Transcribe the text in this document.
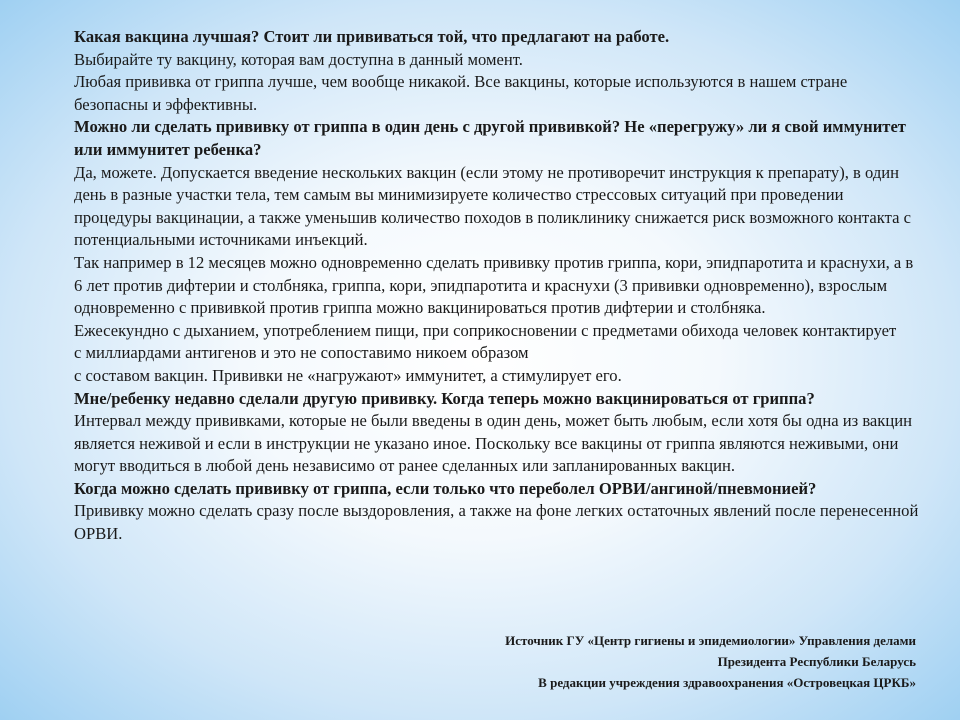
Какая вакцина лучшая? Стоит ли прививаться той, что предлагают на работе.

Выбирайте ту вакцину, которая вам доступна в данный момент.

Любая прививка от гриппа лучше, чем вообще никакой. Все вакцины, которые используются в нашем стране безопасны и эффективны.

Можно ли сделать прививку от гриппа в один день с другой прививкой? Не «перегружу» ли я свой иммунитет или иммунитет ребенка?

Да, можете. Допускается введение нескольких вакцин (если этому не противоречит инструкция к препарату), в один день в разные участки тела, тем самым вы минимизируете количество стрессовых ситуаций при проведении процедуры вакцинации, а также уменьшив количество походов в поликлинику снижается риск возможного контакта с потенциальными источниками инъекций.

Так например в 12 месяцев можно одновременно сделать прививку против гриппа, кори, эпидпаротита и краснухи, а в 6 лет против дифтерии и столбняка, гриппа, кори, эпидпаротита и краснухи (3 прививки одновременно), взрослым одновременно с прививкой против гриппа можно вакцинироваться против дифтерии и столбняка.

Ежесекундно с дыханием, употреблением пищи, при соприкосновении с предметами обихода человек контактирует

с миллиардами антигенов и это не сопоставимо никоем образом

с составом вакцин. Прививки не «нагружают» иммунитет, а стимулирует его.

Мне/ребенку недавно сделали другую прививку. Когда теперь можно вакцинироваться от гриппа?

Интервал между прививками, которые не были введены в один день, может быть любым, если хотя бы одна из вакцин является неживой и если в инструкции не указано иное. Поскольку все вакцины от гриппа являются неживыми, они могут вводиться в любой день независимо от ранее сделанных или запланированных вакцин.

Когда можно сделать прививку от гриппа, если только что переболел ОРВИ/ангиной/пневмонией?

Прививку можно сделать сразу после выздоровления, а также на фоне легких остаточных явлений после перенесенной ОРВИ.

Источник ГУ «Центр гигиены и эпидемиологии» Управления делами

Президента Республики Беларусь

В редакции учреждения здравоохранения «Островецкая ЦРКБ»
